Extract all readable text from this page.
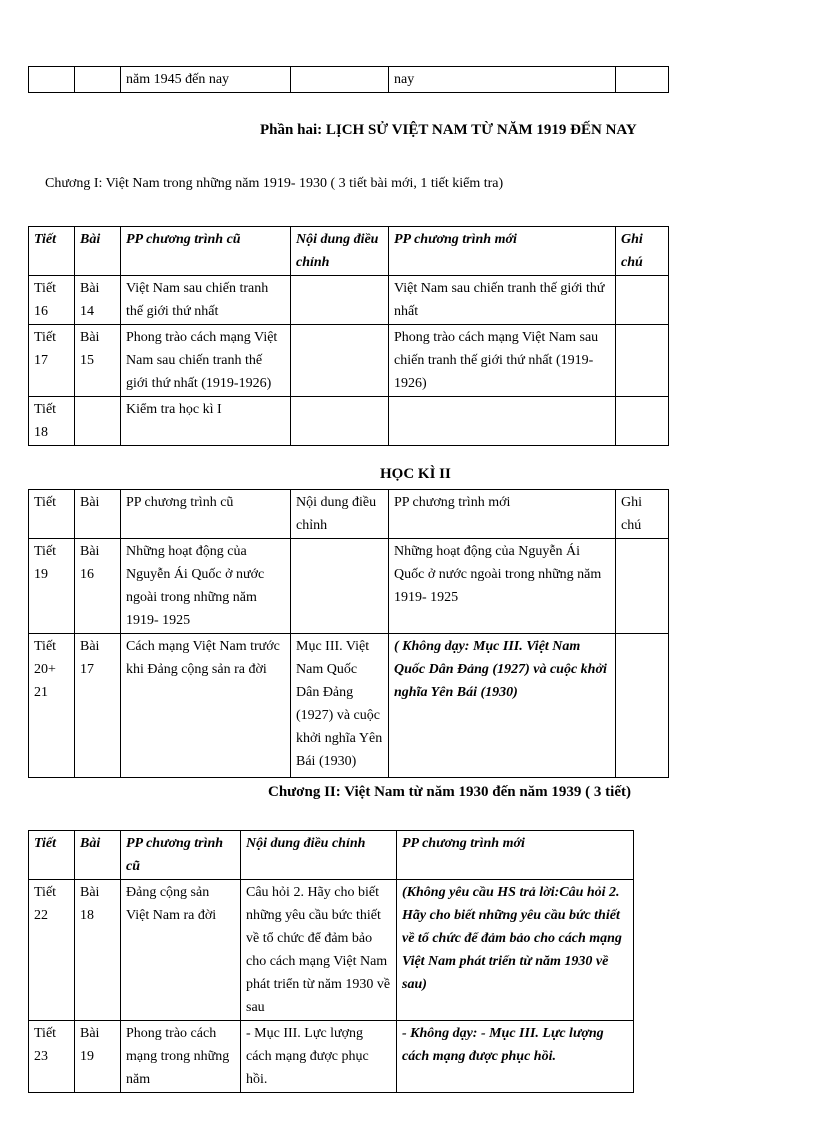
		năm 1945 đến nay		nay	
Phần hai: LỊCH SỬ VIỆT NAM TỪ NĂM 1919 ĐẾN NAY
Chương I: Việt Nam trong những năm 1919- 1930 ( 3 tiết bài mới, 1 tiết kiểm tra)
Tiết	Bài	PP chương trình cũ	Nội dung điều chỉnh	PP chương trình mới	Ghi chú
Tiết 16	Bài 14	Việt Nam sau chiến tranh thế giới thứ nhất		Việt Nam sau chiến tranh thế giới thứ nhất	
Tiết 17	Bài 15	Phong trào cách mạng Việt Nam sau chiến tranh thế giới thứ nhất (1919-1926)		Phong trào cách mạng Việt Nam sau chiến tranh thế giới thứ nhất (1919-1926)	
Tiết 18		Kiểm tra học kì I			
HỌC KÌ II
Tiết	Bài	PP chương trình cũ	Nội dung điều chỉnh	PP chương trình mới	Ghi chú
Tiết 19	Bài 16	Những hoạt động của Nguyễn Ái Quốc ở nước ngoài trong những năm 1919- 1925		Những hoạt động của Nguyễn Ái Quốc ở nước ngoài trong những năm 1919- 1925	
Tiết 20+ 21	Bài 17	Cách mạng Việt Nam trước khi Đảng cộng sản ra đời	Mục III. Việt Nam Quốc Dân Đảng (1927) và cuộc khởi nghĩa Yên Bái (1930)	( Không dạy: Mục III. Việt Nam Quốc Dân Đảng (1927) và cuộc khởi nghĩa Yên Bái (1930)	
Chương II: Việt Nam từ năm 1930 đến năm 1939 ( 3 tiết)
Tiết	Bài	PP chương trình cũ	Nội dung điều chỉnh	PP chương trình mới
Tiết 22	Bài 18	Đảng cộng sản Việt Nam ra đời	Câu hỏi 2. Hãy cho biết những yêu cầu bức thiết về tổ chức để đảm bảo cho cách mạng Việt Nam phát triển từ năm 1930 về sau	(Không yêu cầu HS trả lời:Câu hỏi 2. Hãy cho biết những yêu cầu bức thiết về tổ chức để đảm bảo cho cách mạng Việt Nam phát triển từ năm 1930 về sau)
Tiết 23	Bài 19	Phong trào cách mạng trong những năm	- Mục III. Lực lượng cách mạng được phục hồi.	- Không dạy: - Mục III. Lực lượng cách mạng được phục hồi.
